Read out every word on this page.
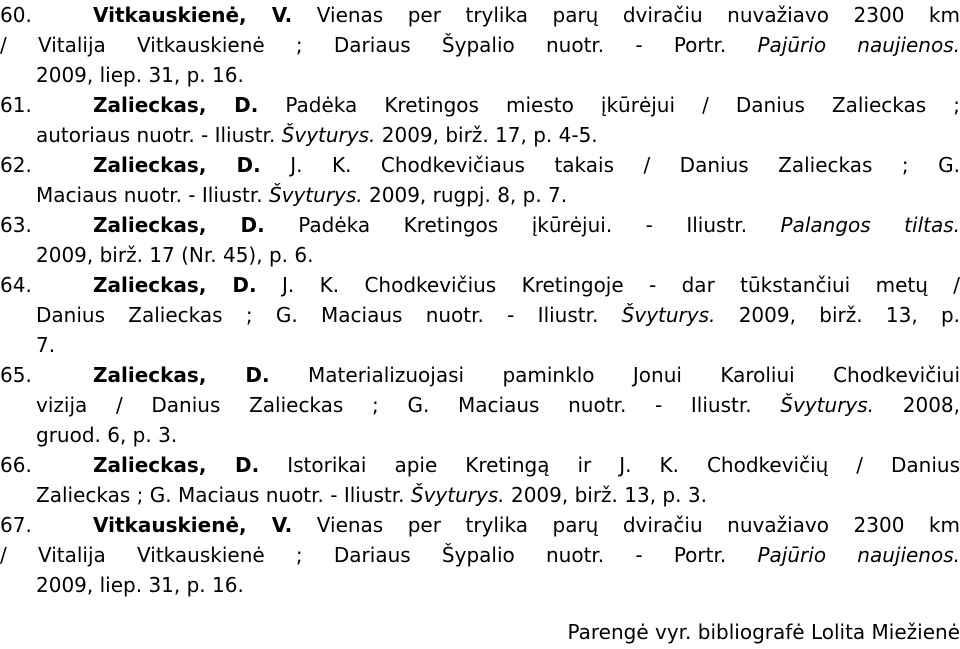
60.	Vitkauskienė, V. Vienas per trylika parų dviračiu nuvažiavo 2300 km
/ Vitalija Vitkauskienė ; Dariaus Šypalio nuotr. - Portr. Pajūrio naujienos.
2009, liep. 31, p. 16.
61.	Zalieckas, D. Padėka Kretingos miesto įkūrėjui / Danius Zalieckas ;
autoriaus nuotr. - Iliustr. Švyturys. 2009, birž. 17, p. 4-5.
62.	Zalieckas, D. J. K. Chodkevičiaus takais / Danius Zalieckas ; G.
Maciaus nuotr. - Iliustr. Švyturys. 2009, rugpj. 8, p. 7.
63.	Zalieckas, D. Padėka Kretingos įkūrėjui. - Iliustr. Palangos tiltas.
2009, birž. 17 (Nr. 45), p. 6.
64.	Zalieckas, D. J. K. Chodkevičius Kretingoje - dar tūkstančiui metų /
Danius Zalieckas ; G. Maciaus nuotr. - Iliustr. Švyturys. 2009, birž. 13, p.
7.
65.	Zalieckas, D. Materializuojasi paminklo Jonui Karoliui Chodkevičiui
vizija / Danius Zalieckas ; G. Maciaus nuotr. - Iliustr. Švyturys. 2008,
gruod. 6, p. 3.
66.	Zalieckas, D. Istorikai apie Kretingą ir J. K. Chodkevičių / Danius
Zalieckas ; G. Maciaus nuotr. - Iliustr. Švyturys. 2009, birž. 13, p. 3.
67.	Vitkauskienė, V. Vienas per trylika parų dviračiu nuvažiavo 2300 km
/ Vitalija Vitkauskienė ; Dariaus Šypalio nuotr. - Portr. Pajūrio naujienos.
2009, liep. 31, p. 16.
Parengė vyr. bibliografė Lolita Miežienė
